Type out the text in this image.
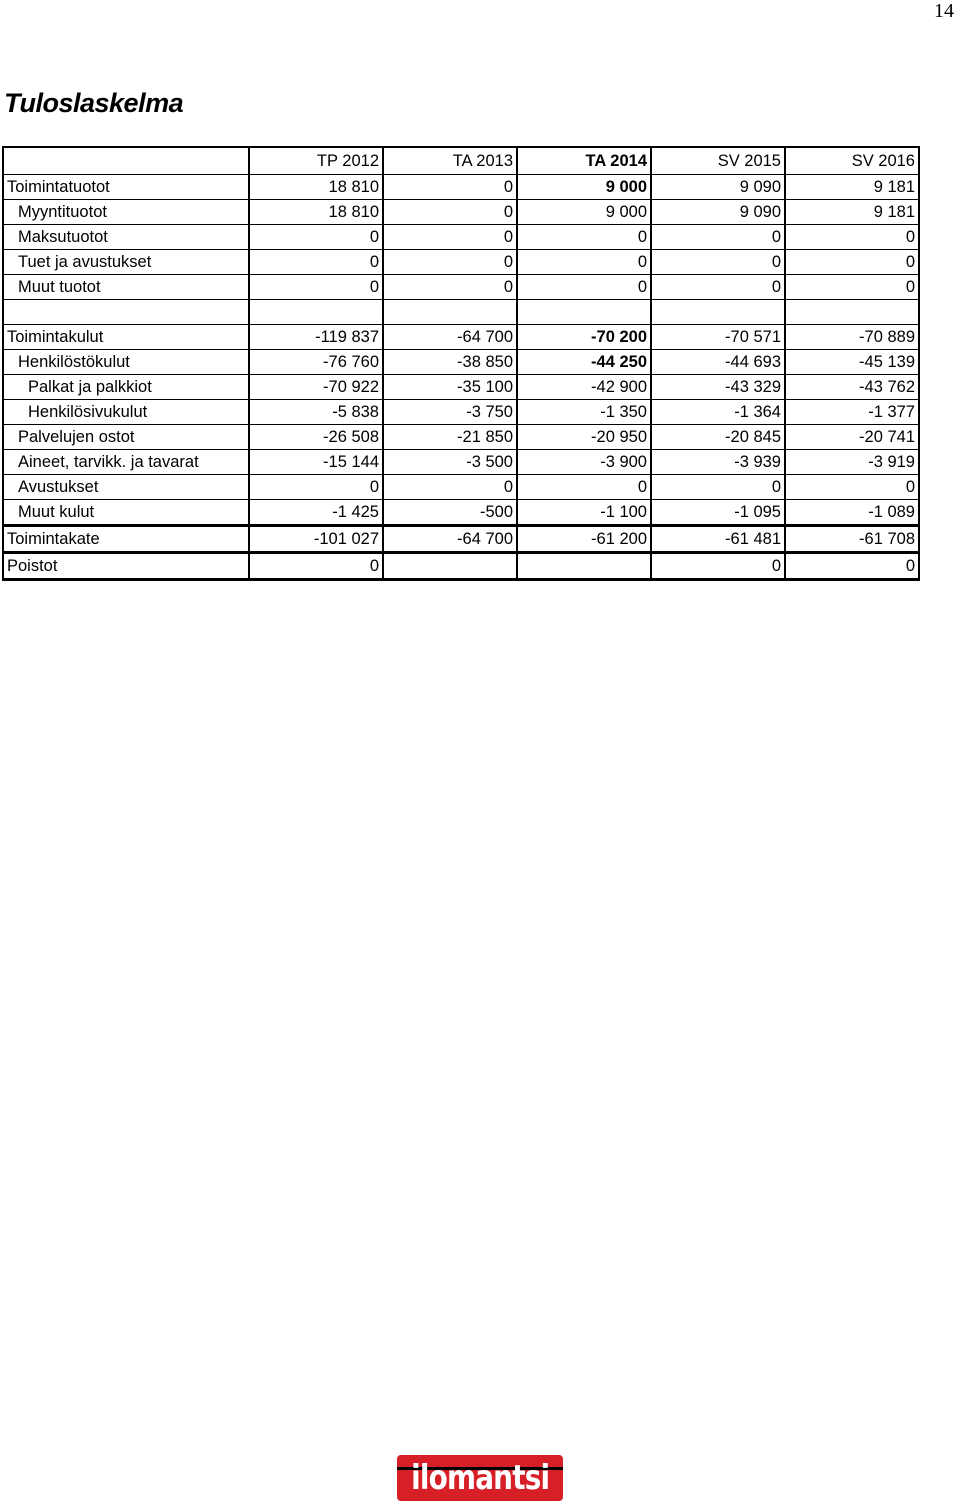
14
Tuloslaskelma
	TP 2012	TA 2013	TA 2014	SV 2015	SV 2016
Toimintatuotot	18 810	0	9 000	9 090	9 181
Myyntituotot	18 810	0	9 000	9 090	9 181
Maksutuotot	0	0	0	0	0
Tuet ja avustukset	0	0	0	0	0
Muut tuotot	0	0	0	0	0

Toimintakulut	-119 837	-64 700	-70 200	-70 571	-70 889
Henkilöstökulut	-76 760	-38 850	-44 250	-44 693	-45 139
Palkat ja palkkiot	-70 922	-35 100	-42 900	-43 329	-43 762
Henkilösivukulut	-5 838	-3 750	-1 350	-1 364	-1 377
Palvelujen ostot	-26 508	-21 850	-20 950	-20 845	-20 741
Aineet, tarvikk. ja tavarat	-15 144	-3 500	-3 900	-3 939	-3 919
Avustukset	0	0	0	0	0
Muut kulut	-1 425	-500	-1 100	-1 095	-1 089
Toimintakate	-101 027	-64 700	-61 200	-61 481	-61 708
Poistot	0			0	0
ilomantsi
